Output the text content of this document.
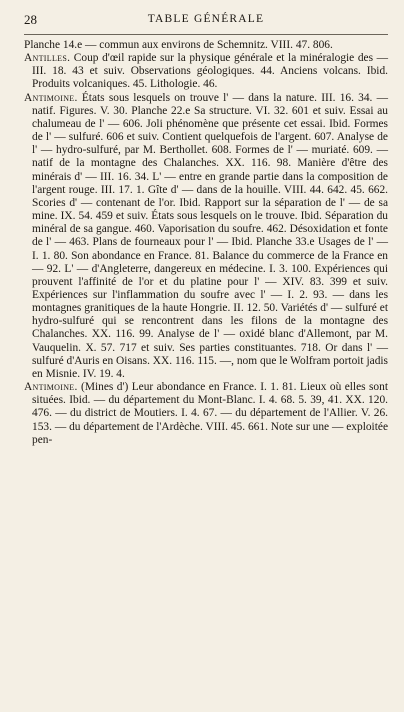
28	TABLE GÉNÉRALE

Planche 14.e — commun aux environs de Schemnitz. VIII. 47. 806.

Antilles. Coup d'œil rapide sur la physique générale et la minéralogie des — III. 18. 43 et suiv. Observations géologiques. 44. Anciens volcans. Ibid. Produits volcaniques. 45. Lithologie. 46.

Antimoine. États sous lesquels on trouve l' — dans la nature. III. 16. 34. — natif. Figures. V. 30. Planche 22.e Sa structure. VI. 32. 601 et suiv. Essai au chalumeau de l' — 606. Joli phénomène que présente cet essai. Ibid. Formes de l' — sulfuré. 606 et suiv. Contient quelquefois de l'argent. 607. Analyse de l' — hydro-sulfuré, par M. Berthollet. 608. Formes de l' — muriaté. 609. — natif de la montagne des Chalanches. XX. 116. 98. Manière d'être des minérais d' — III. 16. 34. L' — entre en grande partie dans la composition de l'argent rouge. III. 17. 1. Gîte d' — dans de la houille. VIII. 44. 642. 45. 662. Scories d' — contenant de l'or. Ibid. Rapport sur la séparation de l' — de sa mine. IX. 54. 459 et suiv. États sous lesquels on le trouve. Ibid. Séparation du minéral de sa gangue. 460. Vaporisation du soufre. 462. Désoxidation et fonte de l' — 463. Plans de fourneaux pour l' — Ibid. Planche 33.e Usages de l' — I. 1. 80. Son abondance en France. 81. Balance du commerce de la France en — 92. L' — d'Angleterre, dangereux en médecine. I. 3. 100. Expériences qui prouvent l'affinité de l'or et du platine pour l' — XIV. 83. 399 et suiv. Expériences sur l'inflammation du soufre avec l' — I. 2. 93. — dans les montagnes granitiques de la haute Hongrie. II. 12. 50. Variétés d' — sulfuré et hydro-sulfuré qui se rencontrent dans les filons de la montagne des Chalanches. XX. 116. 99. Analyse de l' — oxidé blanc d'Allemont, par M. Vauquelin. X. 57. 717 et suiv. Ses parties constituantes. 718. Or dans l' — sulfuré d'Auris en Oisans. XX. 116. 115. —, nom que le Wolfram portoit jadis en Misnie. IV. 19. 4.

Antimoine. (Mines d') Leur abondance en France. I. 1. 81. Lieux où elles sont situées. Ibid. — du département du Mont-Blanc. I. 4. 68. 5. 39, 41. XX. 120. 476. — du district de Moutiers. I. 4. 67. — du département de l'Allier. V. 26. 153. — du département de l'Ardèche. VIII. 45. 661. Note sur une — exploitée pen-
